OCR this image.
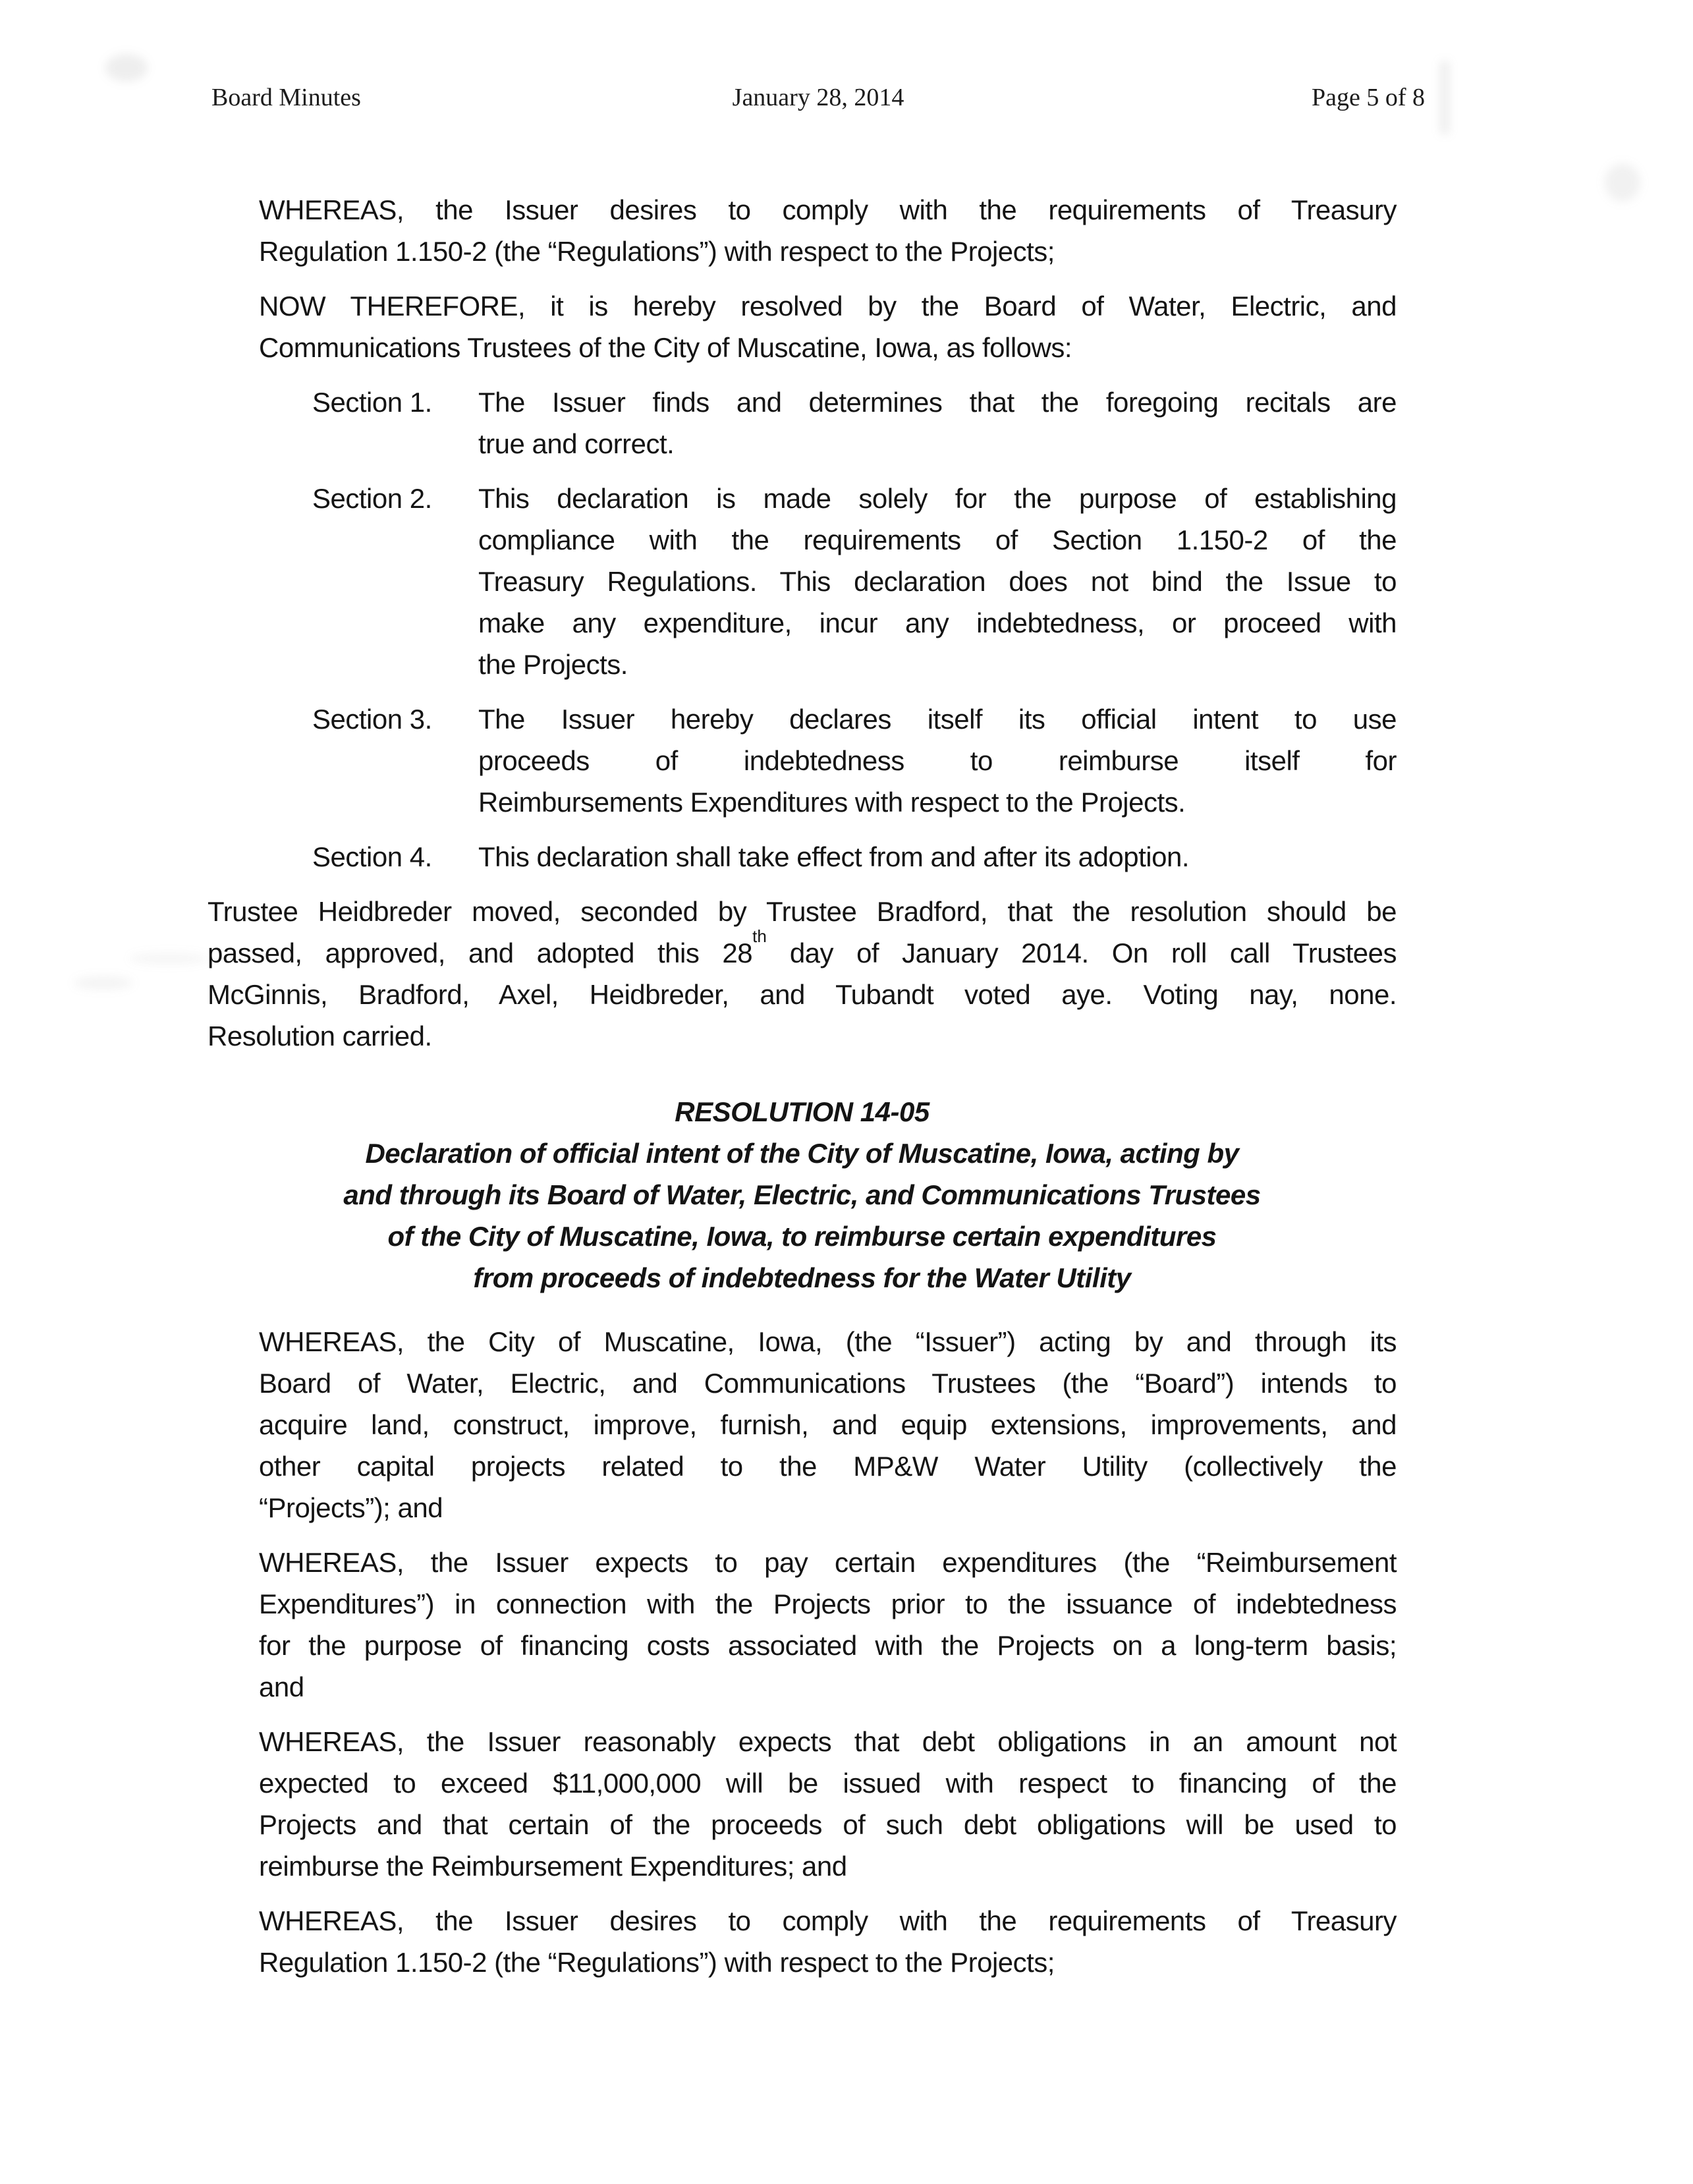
Board Minutes	January 28, 2014	Page 5 of 8
WHEREAS, the Issuer desires to comply with the requirements of Treasury
Regulation 1.150-2 (the “Regulations”) with respect to the Projects;
NOW THEREFORE, it is hereby resolved by the Board of Water, Electric, and
Communications Trustees of the City of Muscatine, Iowa, as follows:
Section 1.	The Issuer finds and determines that the foregoing recitals are
true and correct.
Section 2.	This declaration is made solely for the purpose of establishing
compliance with the requirements of Section 1.150-2 of the
Treasury Regulations. This declaration does not bind the Issue to
make any expenditure, incur any indebtedness, or proceed with
the Projects.
Section 3.	The Issuer hereby declares itself its official intent to use
proceeds of indebtedness to reimburse itself for
Reimbursements Expenditures with respect to the Projects.
Section 4.	This declaration shall take effect from and after its adoption.
Trustee Heidbreder moved, seconded by Trustee Bradford, that the resolution should be
passed, approved, and adopted this 28th day of January 2014. On roll call Trustees
McGinnis, Bradford, Axel, Heidbreder, and Tubandt voted aye. Voting nay, none.
Resolution carried.
RESOLUTION 14-05
Declaration of official intent of the City of Muscatine, Iowa, acting by
and through its Board of Water, Electric, and Communications Trustees
of the City of Muscatine, Iowa, to reimburse certain expenditures
from proceeds of indebtedness for the Water Utility
WHEREAS, the City of Muscatine, Iowa, (the “Issuer”) acting by and through its
Board of Water, Electric, and Communications Trustees (the “Board”) intends to
acquire land, construct, improve, furnish, and equip extensions, improvements, and
other capital projects related to the MP&W Water Utility (collectively the
“Projects”); and
WHEREAS, the Issuer expects to pay certain expenditures (the “Reimbursement
Expenditures”) in connection with the Projects prior to the issuance of indebtedness
for the purpose of financing costs associated with the Projects on a long-term basis;
and
WHEREAS, the Issuer reasonably expects that debt obligations in an amount not
expected to exceed $11,000,000 will be issued with respect to financing of the
Projects and that certain of the proceeds of such debt obligations will be used to
reimburse the Reimbursement Expenditures; and
WHEREAS, the Issuer desires to comply with the requirements of Treasury
Regulation 1.150-2 (the “Regulations”) with respect to the Projects;
